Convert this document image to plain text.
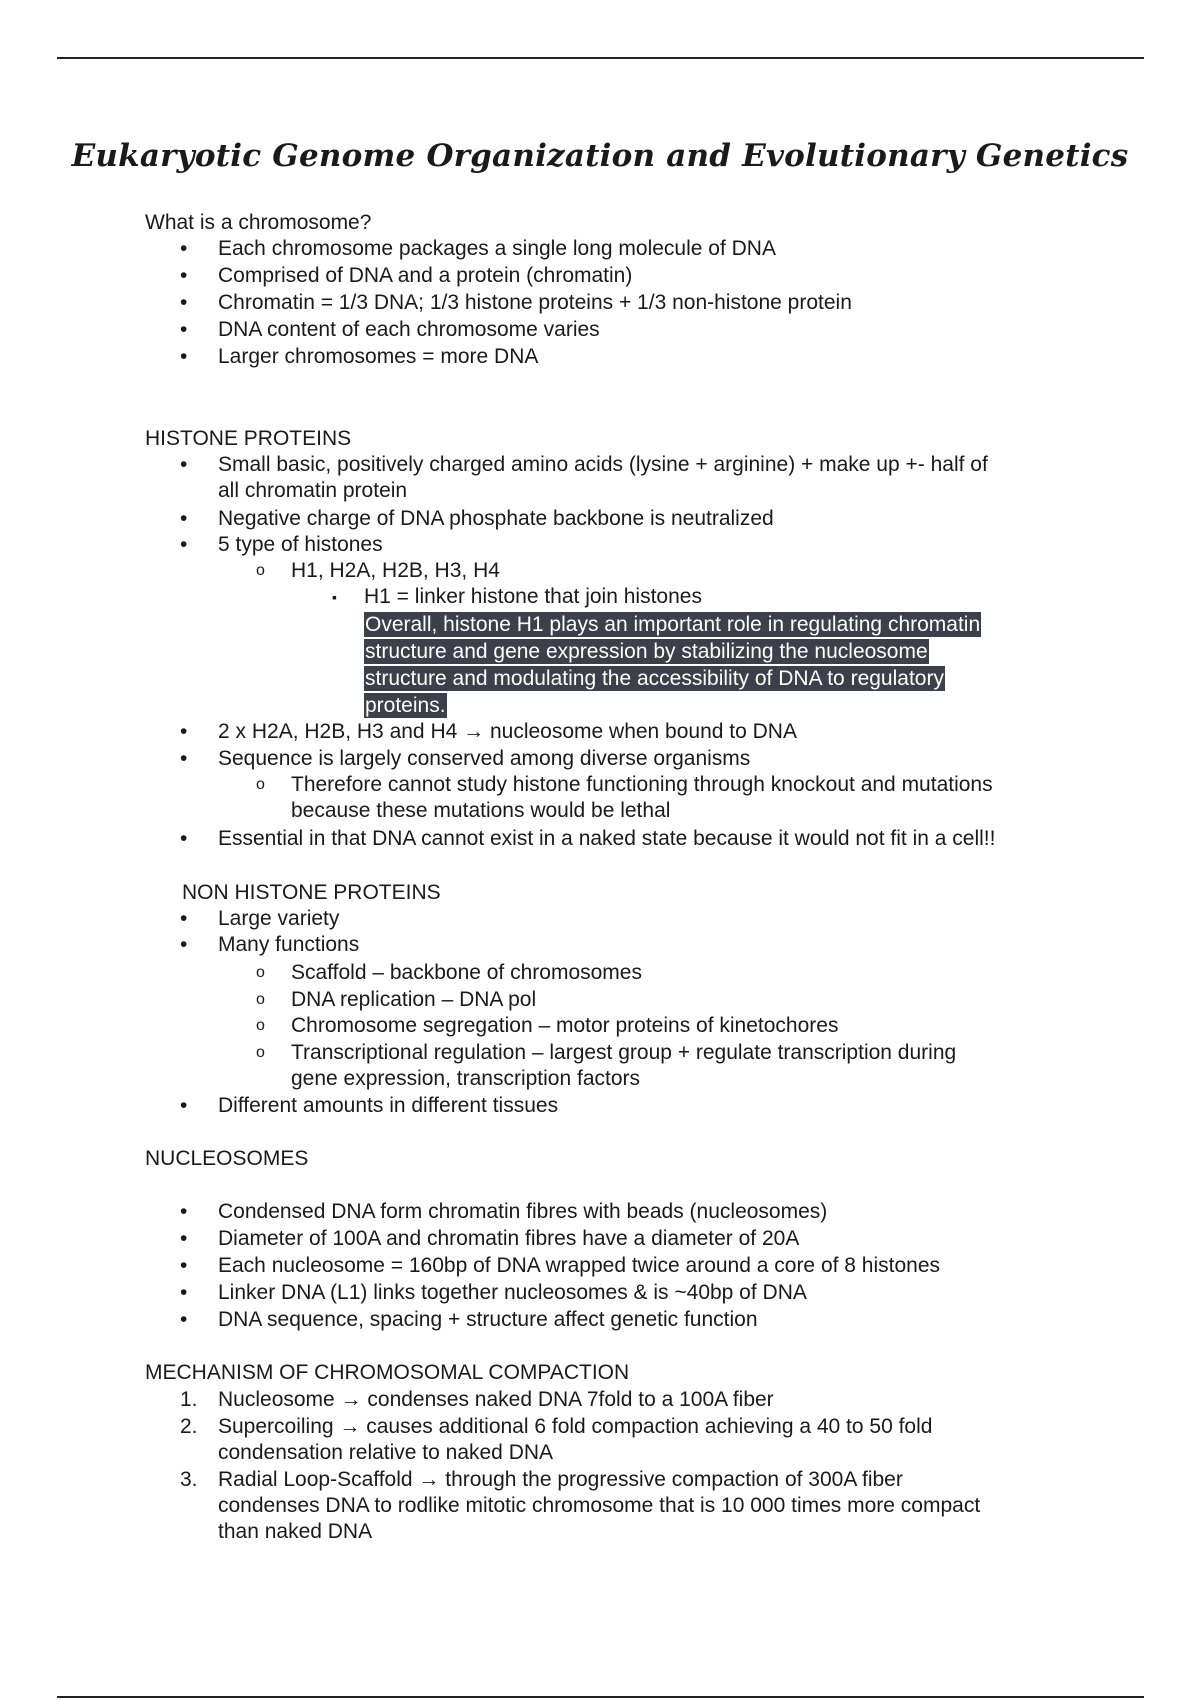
Eukaryotic Genome Organization and Evolutionary Genetics
What is a chromosome?
• Each chromosome packages a single long molecule of DNA
• Comprised of DNA and a protein (chromatin)
• Chromatin = 1/3 DNA; 1/3 histone proteins + 1/3 non-histone protein
• DNA content of each chromosome varies
• Larger chromosomes = more DNA
HISTONE PROTEINS
• Small basic, positively charged amino acids (lysine + arginine) + make up +- half of
all chromatin protein
• Negative charge of DNA phosphate backbone is neutralized
• 5 type of histones
o H1, H2A, H2B, H3, H4
▪ H1 = linker histone that join histones
Overall, histone H1 plays an important role in regulating chromatin
structure and gene expression by stabilizing the nucleosome
structure and modulating the accessibility of DNA to regulatory
proteins.
• 2 x H2A, H2B, H3 and H4 → nucleosome when bound to DNA
• Sequence is largely conserved among diverse organisms
o Therefore cannot study histone functioning through knockout and mutations
because these mutations would be lethal
• Essential in that DNA cannot exist in a naked state because it would not fit in a cell!!
NON HISTONE PROTEINS
• Large variety
• Many functions
o Scaffold – backbone of chromosomes
o DNA replication – DNA pol
o Chromosome segregation – motor proteins of kinetochores
o Transcriptional regulation – largest group + regulate transcription during
gene expression, transcription factors
• Different amounts in different tissues
NUCLEOSOMES
• Condensed DNA form chromatin fibres with beads (nucleosomes)
• Diameter of 100A and chromatin fibres have a diameter of 20A
• Each nucleosome = 160bp of DNA wrapped twice around a core of 8 histones
• Linker DNA (L1) links together nucleosomes & is ~40bp of DNA
• DNA sequence, spacing + structure affect genetic function
MECHANISM OF CHROMOSOMAL COMPACTION
1. Nucleosome → condenses naked DNA 7fold to a 100A fiber
2. Supercoiling → causes additional 6 fold compaction achieving a 40 to 50 fold
condensation relative to naked DNA
3. Radial Loop-Scaffold → through the progressive compaction of 300A fiber
condenses DNA to rodlike mitotic chromosome that is 10 000 times more compact
than naked DNA
